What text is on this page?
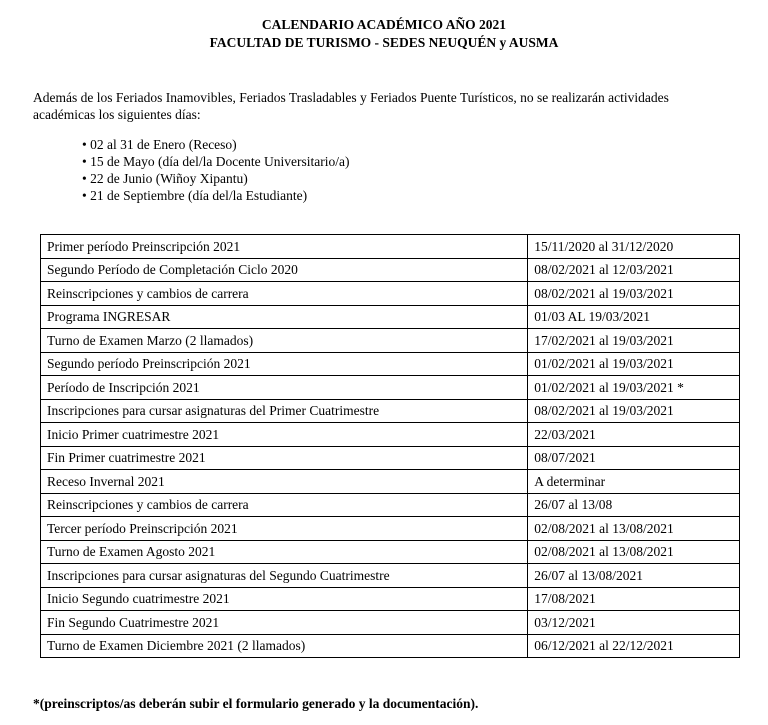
CALENDARIO ACADÉMICO AÑO 2021
FACULTAD DE TURISMO - SEDES NEUQUÉN y AUSMA
Además de los Feriados Inamovibles, Feriados Trasladables y Feriados Puente Turísticos, no se realizarán actividades académicas los siguientes días:
• 02 al 31 de Enero (Receso)
• 15 de Mayo (día del/la Docente Universitario/a)
• 22 de Junio (Wiñoy Xipantu)
• 21 de Septiembre (día del/la Estudiante)
Primer período Preinscripción 2021	15/11/2020 al 31/12/2020
Segundo Período de Completación Ciclo 2020	08/02/2021 al 12/03/2021
Reinscripciones y cambios de carrera	08/02/2021 al 19/03/2021
Programa INGRESAR	01/03 AL 19/03/2021
Turno de Examen Marzo (2 llamados)	17/02/2021 al 19/03/2021
Segundo período Preinscripción 2021	01/02/2021 al 19/03/2021
Período de Inscripción 2021	01/02/2021 al 19/03/2021 *
Inscripciones para cursar asignaturas del Primer Cuatrimestre	08/02/2021 al 19/03/2021
Inicio Primer cuatrimestre 2021	22/03/2021
Fin Primer cuatrimestre 2021	08/07/2021
Receso Invernal 2021	A determinar
Reinscripciones y cambios de carrera	26/07 al 13/08
Tercer período Preinscripción 2021	02/08/2021 al 13/08/2021
Turno de Examen Agosto 2021	02/08/2021 al 13/08/2021
Inscripciones para cursar asignaturas del Segundo Cuatrimestre	26/07 al 13/08/2021
Inicio Segundo cuatrimestre 2021	17/08/2021
Fin Segundo Cuatrimestre 2021	03/12/2021
Turno de Examen Diciembre 2021 (2 llamados)	06/12/2021 al 22/12/2021
*(preinscriptos/as deberán subir el formulario generado y la documentación).
